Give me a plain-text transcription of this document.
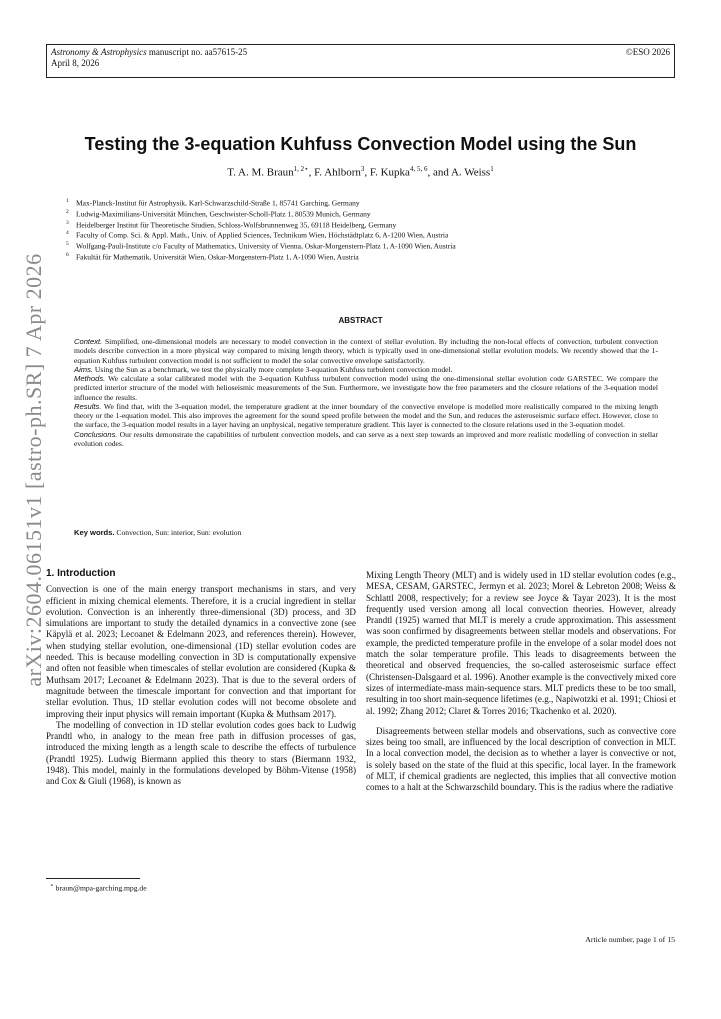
Astronomy & Astrophysics manuscript no. aa57615-25
April 8, 2026
©ESO 2026
arXiv:2604.06151v1 [astro-ph.SR] 7 Apr 2026
Testing the 3-equation Kuhfuss Convection Model using the Sun
T. A. M. Braun$^{1, 2⋆}$, F. Ahlborn$^3$, F. Kupka$^{4, 5, 6}$, and A. Weiss$^1$
$^1$ Max-Planck-Institut für Astrophysik, Karl-Schwarzschild-Straße 1, 85741 Garching, Germany
$^2$ Ludwig-Maximilians-Universität München, Geschwister-Scholl-Platz 1, 80539 Munich, Germany
$^3$ Heidelberger Institut für Theoretische Studien, Schloss-Wolfsbrunnenweg 35, 69118 Heidelberg, Germany
$^4$ Faculty of Comp. Sci. & Appl. Math., Univ. of Applied Sciences, Technikum Wien, Höchstädtplatz 6, A-1200 Wien, Austria
$^5$ Wolfgang-Pauli-Institute c/o Faculty of Mathematics, University of Vienna, Oskar-Morgenstern-Platz 1, A-1090 Wien, Austria
$^6$ Fakultät für Mathematik, Universität Wien, Oskar-Morgenstern-Platz 1, A-1090 Wien, Austria
ABSTRACT

Context. Simplified, one-dimensional models are necessary to model convection in the context of stellar evolution. By including the non-local effects of convection, turbulent convection models describe convection in a more physical way compared to mixing length theory, which is typically used in one-dimensional stellar evolution models. We recently showed that the 1-equation Kuhfuss turbulent convection model is not sufficient to model the solar convective envelope satisfactorily.

Aims. Using the Sun as a benchmark, we test the physically more complete 3-equation Kuhfuss turbulent convection model.

Methods. We calculate a solar calibrated model with the 3-equation Kuhfuss turbulent convection model using the one-dimensional stellar evolution code GARSTEC. We compare the predicted interior structure of the model with helioseismic measurements of the Sun. Furthermore, we investigate how the free parameters and the closure relations of the 3-equation model influence the results.

Results. We find that, with the 3-equation model, the temperature gradient at the inner boundary of the convective envelope is modelled more realistically compared to the mixing length theory or the 1-equation model. This also improves the agreement for the sound speed profile between the model and the Sun, and reduces the asteroseismic surface effect. However, close to the surface, the 3-equation model results in a layer having an unphysical, negative temperature gradient. This layer is connected to the closure relations used in the 3-equation model.

Conclusions. Our results demonstrate the capabilities of turbulent convection models, and can serve as a next step towards an improved and more realistic modelling of convection in stellar evolution codes.

Key words. Convection, Sun: interior, Sun: evolution
1. Introduction

Convection is one of the main energy transport mechanisms in stars, and very efficient in mixing chemical elements. Therefore, it is a crucial ingredient in stellar evolution. Convection is an inherently three-dimensional (3D) process, and 3D simulations are important to study the detailed dynamics in a convective zone (see Käpylä et al. 2023; Lecoanet & Edelmann 2023, and references therein). However, when studying stellar evolution, one-dimensional (1D) stellar evolution codes are needed. This is because modelling convection in 3D is computationally expensive and often not feasible when timescales of stellar evolution are considered (Kupka & Muthsam 2017; Lecoanet & Edelmann 2023). That is due to the several orders of magnitude between the timescale important for convection and that important for stellar evolution. Thus, 1D stellar evolution codes will not become obsolete and improving their input physics will remain important (Kupka & Muthsam 2017).

The modelling of convection in 1D stellar evolution codes goes back to Ludwig Prandtl who, in analogy to the mean free path in diffusion processes of gas, introduced the mixing length as a length scale to describe the effects of turbulence (Prandtl 1925). Ludwig Biermann applied this theory to stars (Biermann 1932, 1948). This model, mainly in the formulations developed by Böhm-Vitense (1958) and Cox & Giuli (1968), is known as

Mixing Length Theory (MLT) and is widely used in 1D stellar evolution codes (e.g., MESA, CESAM, GARSTEC, Jermyn et al. 2023; Morel & Lebreton 2008; Weiss & Schlattl 2008, respectively; for a review see Joyce & Tayar 2023). It is the most frequently used version among all local convection theories. However, already Prandtl (1925) warned that MLT is merely a crude approximation. This assessment was soon confirmed by disagreements between stellar models and observations. For example, the predicted temperature profile in the envelope of a solar model does not match the solar temperature profile. This leads to disagreements between the theoretical and observed frequencies, the so-called asteroseismic surface effect (Christensen-Dalsgaard et al. 1996). Another example is the convectively mixed core sizes of intermediate-mass main-sequence stars. MLT predicts these to be too small, resulting in too short main-sequence lifetimes (e.g., Napiwotzki et al. 1991; Chiosi et al. 1992; Zhang 2012; Claret & Torres 2016; Tkachenko et al. 2020).

Disagreements between stellar models and observations, such as convective core sizes being too small, are influenced by the local description of convection in MLT. In a local convection model, the decision as to whether a layer is convective or not, is solely based on the state of the fluid at this specific, local layer. In the framework of MLT, if chemical gradients are neglected, this implies that all convective motion comes to a halt at the Schwarzschild boundary. This is the radius where the radiative

⋆ braun@mpa-garching.mpg.de
Article number, page 1 of 15
